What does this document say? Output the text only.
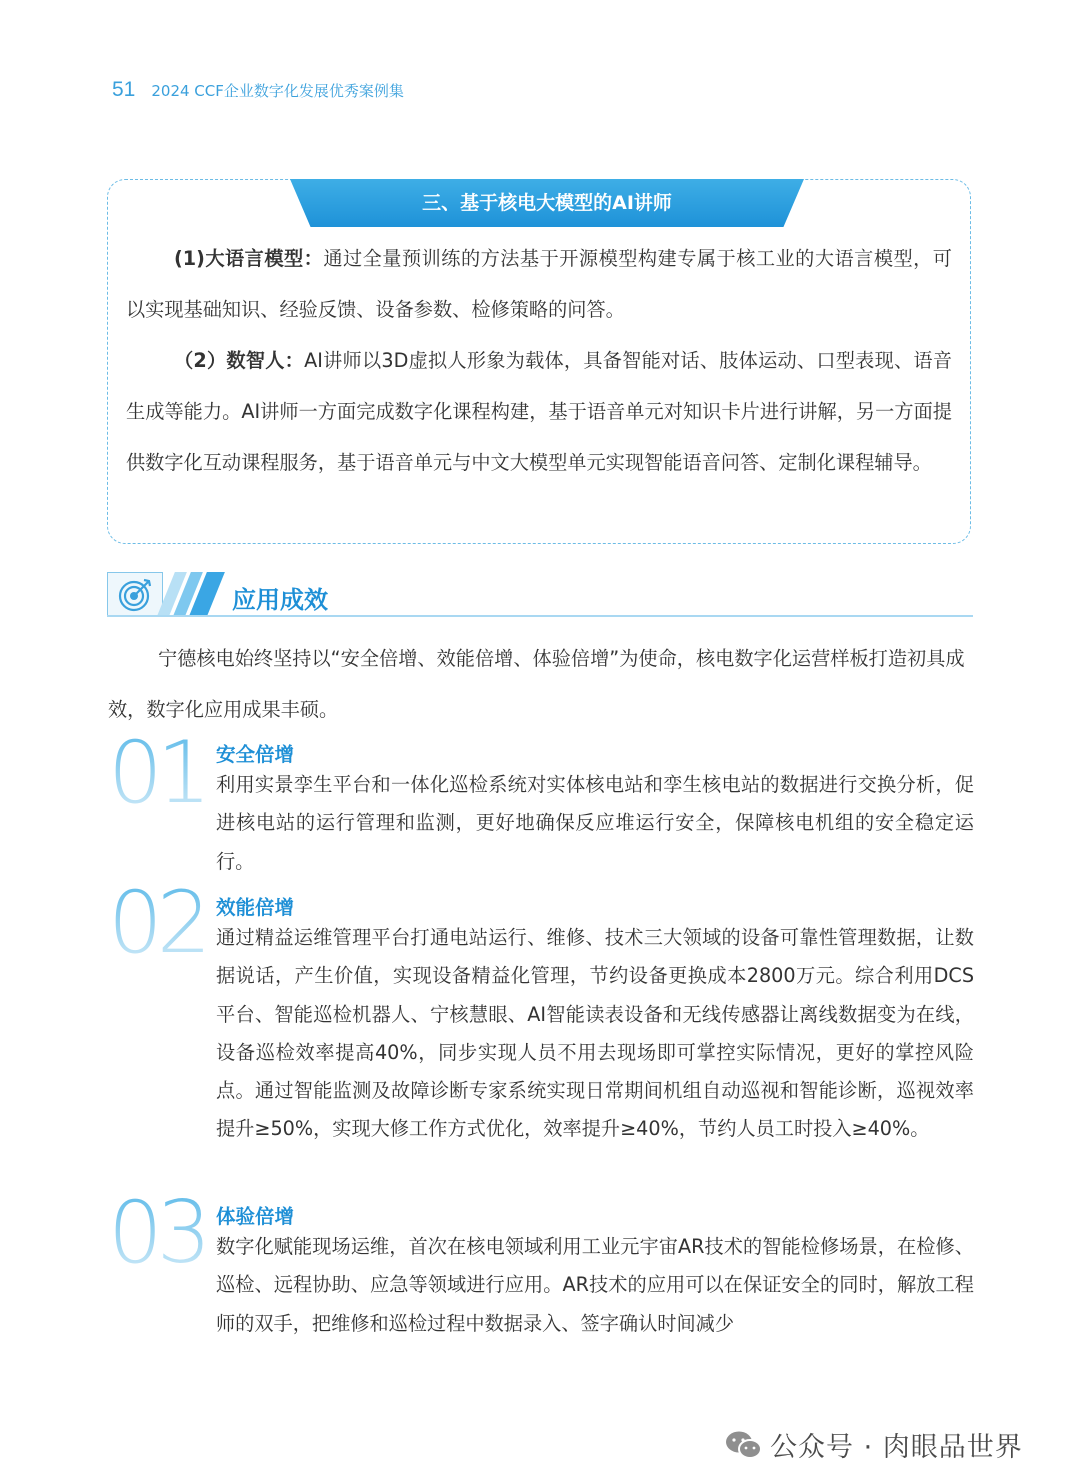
51 2024 CCF企业数字化发展优秀案例集
三、基于核电大模型的AI讲师
(1)大语言模型：通过全量预训练的方法基于开源模型构建专属于核工业的大语言模型，可以实现基础知识、经验反馈、设备参数、检修策略的问答。
（2）数智人：AI讲师以3D虚拟人形象为载体，具备智能对话、肢体运动、口型表现、语音生成等能力。AI讲师一方面完成数字化课程构建，基于语音单元对知识卡片进行讲解，另一方面提供数字化互动课程服务，基于语音单元与中文大模型单元实现智能语音问答、定制化课程辅导。
应用成效
宁德核电始终坚持以“安全倍增、效能倍增、体验倍增”为使命，核电数字化运营样板打造初具成效，数字化应用成果丰硕。
01 安全倍增
利用实景孪生平台和一体化巡检系统对实体核电站和孪生核电站的数据进行交换分析，促进核电站的运行管理和监测，更好地确保反应堆运行安全，保障核电机组的安全稳定运行。
02 效能倍增
通过精益运维管理平台打通电站运行、维修、技术三大领域的设备可靠性管理数据，让数据说话，产生价值，实现设备精益化管理，节约设备更换成本2800万元。综合利用DCS平台、智能巡检机器人、宁核慧眼、AI智能读表设备和无线传感器让离线数据变为在线，设备巡检效率提高40%，同步实现人员不用去现场即可掌控实际情况，更好的掌控风险点。通过智能监测及故障诊断专家系统实现日常期间机组自动巡视和智能诊断，巡视效率提升≥50%，实现大修工作方式优化，效率提升≥40%，节约人员工时投入≥40%。
03 体验倍增
数字化赋能现场运维，首次在核电领域利用工业元宇宙AR技术的智能检修场景，在检修、巡检、远程协助、应急等领域进行应用。AR技术的应用可以在保证安全的同时，解放工程师的双手，把维修和巡检过程中数据录入、签字确认时间减少
公众号 · 肉眼品世界
